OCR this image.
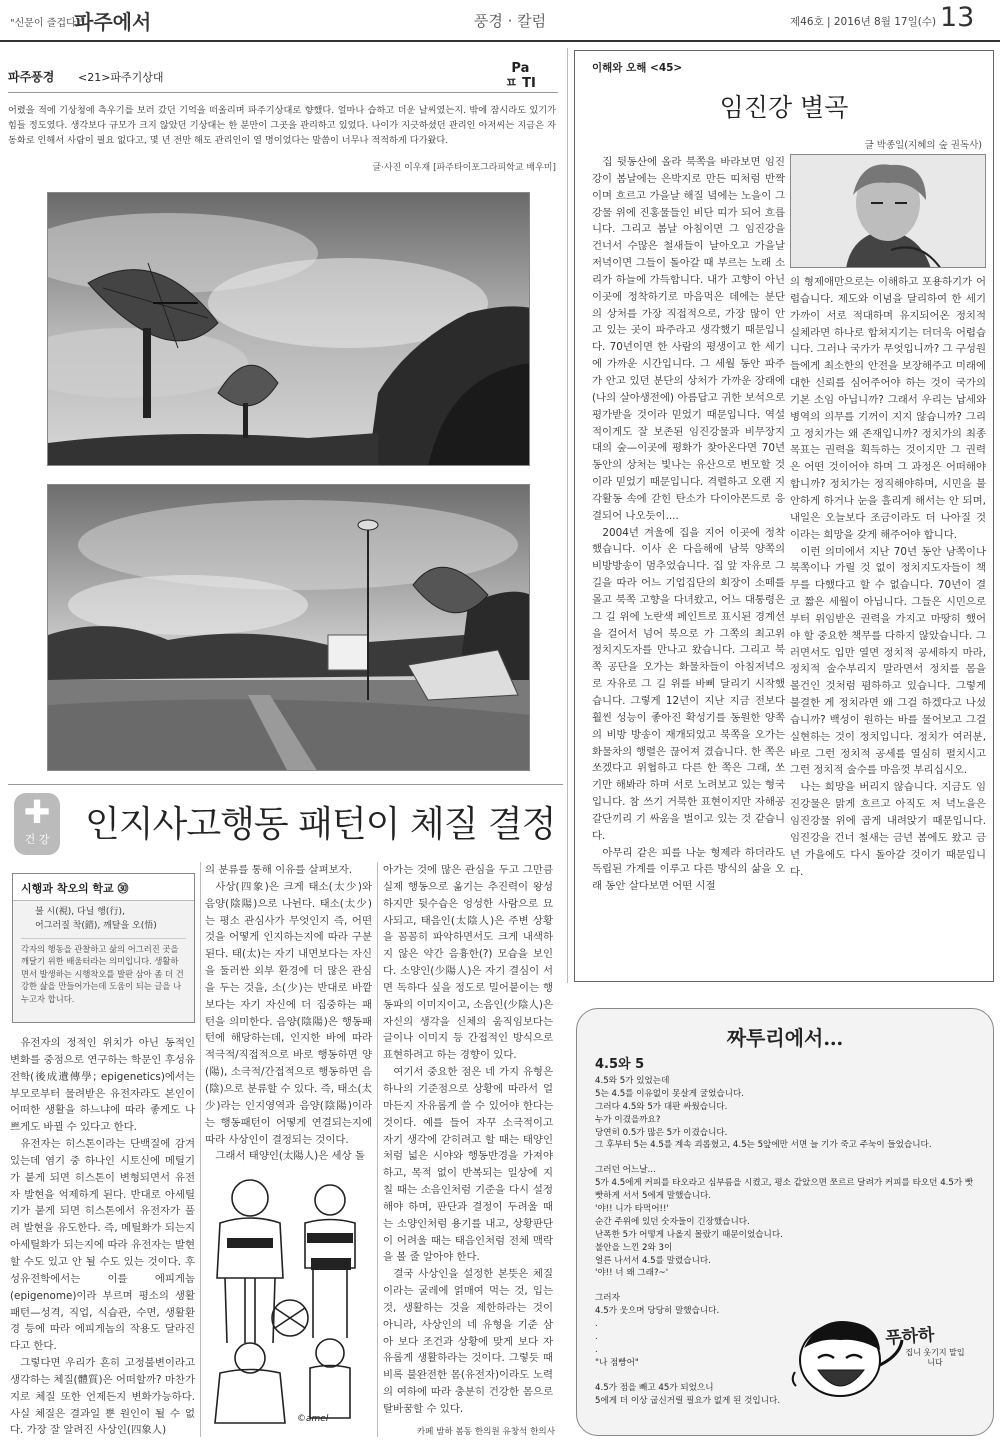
"신문이 즐겁다!"
파주에서	풍경 · 칼럼	제46호 | 2016년 8월 17일(수) 13
파주풍경 <21>파주기상대
Pa
ㅍ TI
어렸을 적에 기상청에 측우기를 보러 갔던 기억을 떠올리며 파주기상대로 향했다. 얼마나 습하고 더운 날씨였는지. 밖에 잠시라도 있기가 힘들 정도였다. 생각보다 규모가 크지 않았던 기상대는 한 분만이 그곳을 관리하고 있었다. 나이가 지긋하셨던 관리인 아저씨는 지금은 자동화로 인해서 사람이 필요 없다고, 몇 년 전만 해도 관리인이 열 명이었다는 말씀이 너무나 적적하게 다가왔다.
글·사진 이우재 [파주타이포그라피학교 배우미]
✚
건 강 인지사고행동 패턴이 체질 결정
시행과 착오의 학교 ㉚
불 시(視), 다닐 행(行),
어그러질 착(錯), 깨달을 오(悟)
각자의 행동을 관찰하고 삶의 어그러진 곳을 깨달기 위한 배움터라는 의미입니다. 생활하면서 발생하는 시행착오를 발판 삼아 좀 더 건강한 삶을 만들어가는데 도움이 되는 글을 나누고자 합니다.

유전자의 정적인 위치가 아닌 동적인 변화를 중점으로 연구하는 학문인 후성유전학(後成遺傳學; epigenetics)에서는 부모로부터 물려받은 유전자라도 본인이 어떠한 생활을 하느냐에 따라 좋게도 나쁘게도 바뀔 수 있다고 한다.

유전자는 히스톤이라는 단백질에 감겨 있는데 염기 중 하나인 시토신에 메틸기가 붙게 되면 히스톤이 변형되면서 유전자 발현을 억제하게 된다. 반대로 아세틸기가 붙게 되면 히스톤에서 유전자가 풀려 발현을 유도한다. 즉, 메틸화가 되는지 아세틸화가 되는지에 따라 유전자는 발현할 수도 있고 안 될 수도 있는 것이다. 후성유전학에서는 이를 에피게놈(epigenome)이라 부르며 평소의 생활패턴—성격, 직업, 식습관, 수면, 생활환경 등에 따라 에피게놈의 작용도 달라진다고 한다.

그렇다면 우리가 흔히 고정불변이라고 생각하는 체질(體質)은 어떠할까? 마찬가지로 체질 또한 언제든지 변화가능하다. 사실 체질은 결과일 뿐 원인이 될 수 없다. 가장 잘 알려진 사상인(四象人)

의 분류를 통해 이유를 살펴보자.

사상(四象)은 크게 태소(太少)와 음양(陰陽)으로 나뉜다. 태소(太少)는 평소 관심사가 무엇인지 즉, 어떤 것을 어떻게 인지하는지에 따라 구분된다. 태(太)는 자기 내면보다는 자신을 둘러싼 외부 환경에 더 많은 관심을 두는 것을, 소(少)는 반대로 바깥보다는 자기 자신에 더 집중하는 패턴을 의미한다. 음양(陰陽)은 행동패턴에 해당하는데, 인지한 바에 따라 적극적/직접적으로 바로 행동하면 양(陽), 소극적/간접적으로 행동하면 음(陰)으로 분류할 수 있다. 즉, 태소(太少)라는 인지영역과 음양(陰陽)이라는 행동패턴이 어떻게 연결되는지에 따라 사상인이 결정되는 것이다.

그래서 태양인(太陽人)은 세상 돌

©amel

아가는 것에 많은 관심을 두고 그만큼 실제 행동으로 옮기는 추진력이 왕성하지만 뒷수습은 엉성한 사람으로 묘사되고, 태음인(太陰人)은 주변 상황을 꼼꼼히 파악하면서도 크게 내색하지 않은 약간 음흉한(?) 모습을 보인다. 소양인(少陽人)은 자기 결심이 서면 독하다 싶을 정도로 밀어붙이는 행동파의 이미지이고, 소음인(少陰人)은 자신의 생각을 신체의 움직임보다는 글이나 이미지 등 간접적인 방식으로 표현하려고 하는 경향이 있다.

여기서 중요한 점은 네 가지 유형은 하나의 기준점으로 상황에 따라서 얼마든지 자유롭게 쓸 수 있어야 한다는 것이다. 예를 들어 자꾸 소극적이고 자기 생각에 갇히려고 할 때는 태양인처럼 넓은 시야와 행동반경을 가져야 하고, 목적 없이 반복되는 일상에 지칠 때는 소음인처럼 기준을 다시 설정해야 하며, 판단과 결정이 두려울 때는 소양인처럼 용기를 내고, 상황판단이 어려울 때는 태음인처럼 전체 맥락을 볼 줄 알아야 한다.

결국 사상인을 설정한 본뜻은 체질이라는 굴레에 얽매여 먹는 것, 입는 것, 생활하는 것을 제한하라는 것이 아니라, 사상인의 네 유형을 기준 삼아 보다 조건과 상황에 맞게 보다 자유롭게 생활하라는 것이다. 그렇듯 때비록 불완전한 몸(유전자)이라도 노력의 여하에 따라 충분히 건강한 몸으로 탈바꿈할 수 있다.

카페 밤하 봄동 한의원 유창석 한의사
이해와 오해 <45>
임진강 별곡
글 박종일(지혜의 숲 권독사)

집 뒷동산에 올라 북쪽을 바라보면 임진강이 봄날에는 은박지로 만든 띠처럼 반짝이며 흐르고 가을날 해질 녘에는 노을이 그 강물 위에 진홍물들인 비단 띠가 되어 흐릅니다. 그리고 봄날 아침이면 그 임진강을 건너서 수많은 철새들이 날아오고 가을날 저녁이면 그들이 돌아갈 때 부르는 노래 소리가 하늘에 가득합니다. 내가 고향이 아닌 이곳에 정착하기로 마음먹은 데에는 분단의 상처를 가장 직접적으로, 가장 많이 안고 있는 곳이 파주라고 생각했기 때문입니다. 70년이면 한 사람의 평생이고 한 세기에 가까운 시간입니다. 그 세월 동안 파주가 안고 있던 분단의 상처가 가까운 장래에(나의 살아생전에) 아름답고 귀한 보석으로 평가받을 것이라 믿었기 때문입니다. 역설적이게도 잘 보존된 임진강물과 비무장지대의 숲—이곳에 평화가 찾아온다면 70년 동안의 상처는 빛나는 유산으로 변모할 것이라 믿었기 때문입니다. 격렬하고 오랜 지각활동 속에 갇힌 탄소가 다이아몬드로 응결되어 나오듯이....

2004년 겨울에 집을 지어 이곳에 정착했습니다. 이사 온 다음해에 남북 양쪽의 비방방송이 멈추었습니다. 집 앞 자유로 그 길을 따라 어느 기업집단의 회장이 소떼를 몰고 북쪽 고향을 다녀왔고, 어느 대통령은 그 길 위에 노란색 페인트로 표시된 경계선을 걸어서 넘어 북으로 가 그쪽의 최고위 정치지도자를 만나고 왔습니다. 그리고 북쪽 공단을 오가는 화물차들이 아침저녁으로 자유로 그 길 위를 바삐 달리기 시작했습니다. 그렇게 12년이 지난 지금 전보다 훨씬 성능이 좋아진 확성기를 동원한 양쪽의 비방 방송이 재개되었고 북쪽을 오가는 화물차의 행렬은 끊어져 겼습니다. 한 쪽은 쏘겠다고 위협하고 다른 한 쪽은 그래, 쏘기만 해봐라 하며 서로 노려보고 있는 형국입니다. 참 쓰기 거북한 표현이지만 자해공갈단끼리 기 싸움을 벌이고 있는 것 같습니다.

아무리 같은 피를 나눈 형제라 하더라도 독립된 가계를 이루고 다른 방식의 삶을 오래 동안 살다보면 어떤 시절

의 형제애만으로는 이해하고 포용하기가 어렵습니다. 제도와 이념을 달리하여 한 세기 가까이 서로 적대하며 유지되어온 정치적 실체라면 하나로 합쳐지기는 더더욱 어렵습니다. 그러나 국가가 무엇입니까? 그 구성원들에게 최소한의 안전을 보장해주고 미래에 대한 신뢰를 심어주어야 하는 것이 국가의 기본 소임 아닙니까? 그래서 우리는 납세와 병역의 의무를 기꺼이 지지 않습니까? 그리고 정치가는 왜 존재입니까? 정치가의 최종 목표는 권력을 획득하는 것이지만 그 권력은 어떤 것이어야 하며 그 과정은 어떠해야 합니까? 정치가는 정직해야하며, 시민을 불안하게 하거나 눈을 흘리게 해서는 안 되며, 내일은 오늘보다 조금이라도 더 나아질 것이라는 희망을 갖게 해주어야 합니다.

이런 의미에서 지난 70년 동안 남쪽이나 북쪽이나 가릴 것 없이 정치지도자들이 책무를 다했다고 할 수 없습니다. 70년이 결코 짧은 세월이 아닙니다. 그들은 시민으로부터 위임받은 권력을 가지고 마땅히 했어야 할 중요한 책무를 다하지 않았습니다. 그러면서도 입만 열면 정치적 공세하지 마라, 정치적 술수부리지 말라면서 정치를 몸을 볼건인 것처럼 폄하하고 있습니다. 그렇게 불결한 게 정치라면 왜 그걸 하겠다고 나섰습니까? 백성이 원하는 바를 물어보고 그걸 실현하는 것이 정치입니다. 정치가 여러분, 바로 그런 정치적 공세를 열심히 펼치시고 그런 정치적 술수를 마음껏 부리십시오.

나는 희망을 버리지 않습니다. 지금도 임진강물은 맑게 흐르고 아직도 저 녁노을은 임진강물 위에 곱게 내려앉기 때문입니다. 임진강을 건너 철새는 금년 봄에도 왔고 금년 가을에도 다시 돌아갈 것이기 때문입니다.

짜투리에서…
4.5와 5
4.5와 5가 있었는데
5는 4.5를 이유없이 못살게 굴었습니다.
그러다 4.5와 5가 대판 싸웠습니다.
누가 이겼을까요?
당연히 0.5가 많은 5가 이겼습니다.
그 후부터 5는 4.5를 계속 괴롭혔고, 4.5는 5앞에만 서면 늘 기가 죽고 주눅이 들었습니다.
그러던 어느날...
5가 4.5에게 커피를 타오라고 심부름을 시켰고, 평소 같았으면 쪼르르 달려가 커피를 타오던 4.5가 빳빳하게 서서 5에게 말했습니다.
'야!! 니가 타먹어!!'
순간 주위에 있던 숫자들이 긴장했습니다.
난폭한 5가 어떻게 나올지 몰랐기 때문이었습니다.
불안을 느낀 2와 3이
얼른 나서서 4.5를 말렸습니다.
'야!! 너 왜 그래?~'
그러자
4.5가 웃으며 당당히 말했습니다.
.
.
.
"나 점빵어"
4.5가 점을 빼고 45가 되었으니
5에게 더 이상 굽신거릴 필요가 없게 된 것입니다.
푸하하
집니 웃기지 말입니다
